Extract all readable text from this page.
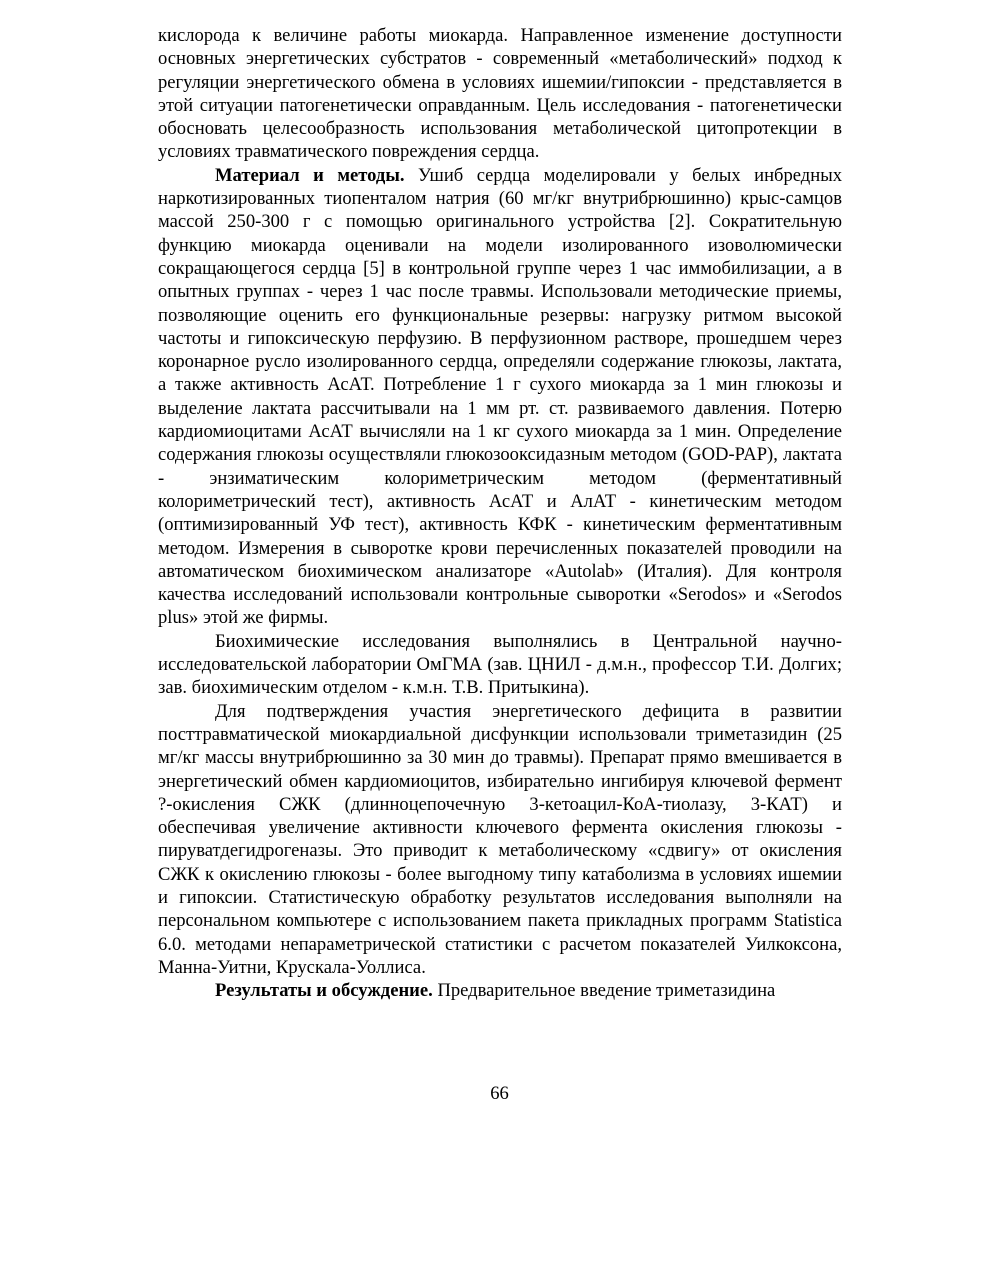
кислорода к величине работы миокарда. Направленное изменение доступности основных энергетических субстратов - современный «метаболический» подход к регуляции энергетического обмена в условиях ишемии/гипоксии - представляется в этой ситуации патогенетически оправданным. Цель исследования - патогенетически обосновать целесообразность использования метаболической цитопротекции в условиях травматического повреждения сердца.

Материал и методы. Ушиб сердца моделировали у белых инбредных наркотизированных тиопенталом натрия (60 мг/кг внутрибрюшинно) крыс-самцов массой 250-300 г с помощью оригинального устройства [2]. Сократительную функцию миокарда оценивали на модели изолированного изоволюмически сокращающегося сердца [5] в контрольной группе через 1 час иммобилизации, а в опытных группах - через 1 час после травмы. Использовали методические приемы, позволяющие оценить его функциональные резервы: нагрузку ритмом высокой частоты и гипоксическую перфузию. В перфузионном растворе, прошедшем через коронарное русло изолированного сердца, определяли содержание глюкозы, лактата, а также активность АсАТ. Потребление 1 г сухого миокарда за 1 мин глюкозы и выделение лактата рассчитывали на 1 мм рт. ст. развиваемого давления. Потерю кардиомиоцитами АсАТ вычисляли на 1 кг сухого миокарда за 1 мин. Определение содержания глюкозы осуществляли глюкозооксидазным методом (GOD-PAP), лактата - энзиматическим колориметрическим методом (ферментативный колориметрический тест), активность АсАТ и АлАТ - кинетическим методом (оптимизированный УФ тест), активность КФК - кинетическим ферментативным методом. Измерения в сыворотке крови перечисленных показателей проводили на автоматическом биохимическом анализаторе «Autolab» (Италия). Для контроля качества исследований использовали контрольные сыворотки «Serodos» и «Serodos plus» этой же фирмы.

Биохимические исследования выполнялись в Центральной научно-исследовательской лаборатории ОмГМА (зав. ЦНИЛ - д.м.н., профессор Т.И. Долгих; зав. биохимическим отделом - к.м.н. Т.В. Притыкина).

Для подтверждения участия энергетического дефицита в развитии посттравматической миокардиальной дисфункции использовали триметазидин (25 мг/кг массы внутрибрюшинно за 30 мин до травмы). Препарат прямо вмешивается в энергетический обмен кардиомиоцитов, избирательно ингибируя ключевой фермент ?-окисления СЖК (длинноцепочечную 3-кетоацил-КоА-тиолазу, 3-КАТ) и обеспечивая увеличение активности ключевого фермента окисления глюкозы - пируватдегидрогеназы. Это приводит к метаболическому «сдвигу» от окисления СЖК к окислению глюкозы - более выгодному типу катаболизма в условиях ишемии и гипоксии. Статистическую обработку результатов исследования выполняли на персональном компьютере с использованием пакета прикладных программ Statistica 6.0. методами непараметрической статистики с расчетом показателей Уилкоксона, Манна-Уитни, Крускала-Уоллиса.

Результаты и обсуждение. Предварительное введение триметазидина

66
